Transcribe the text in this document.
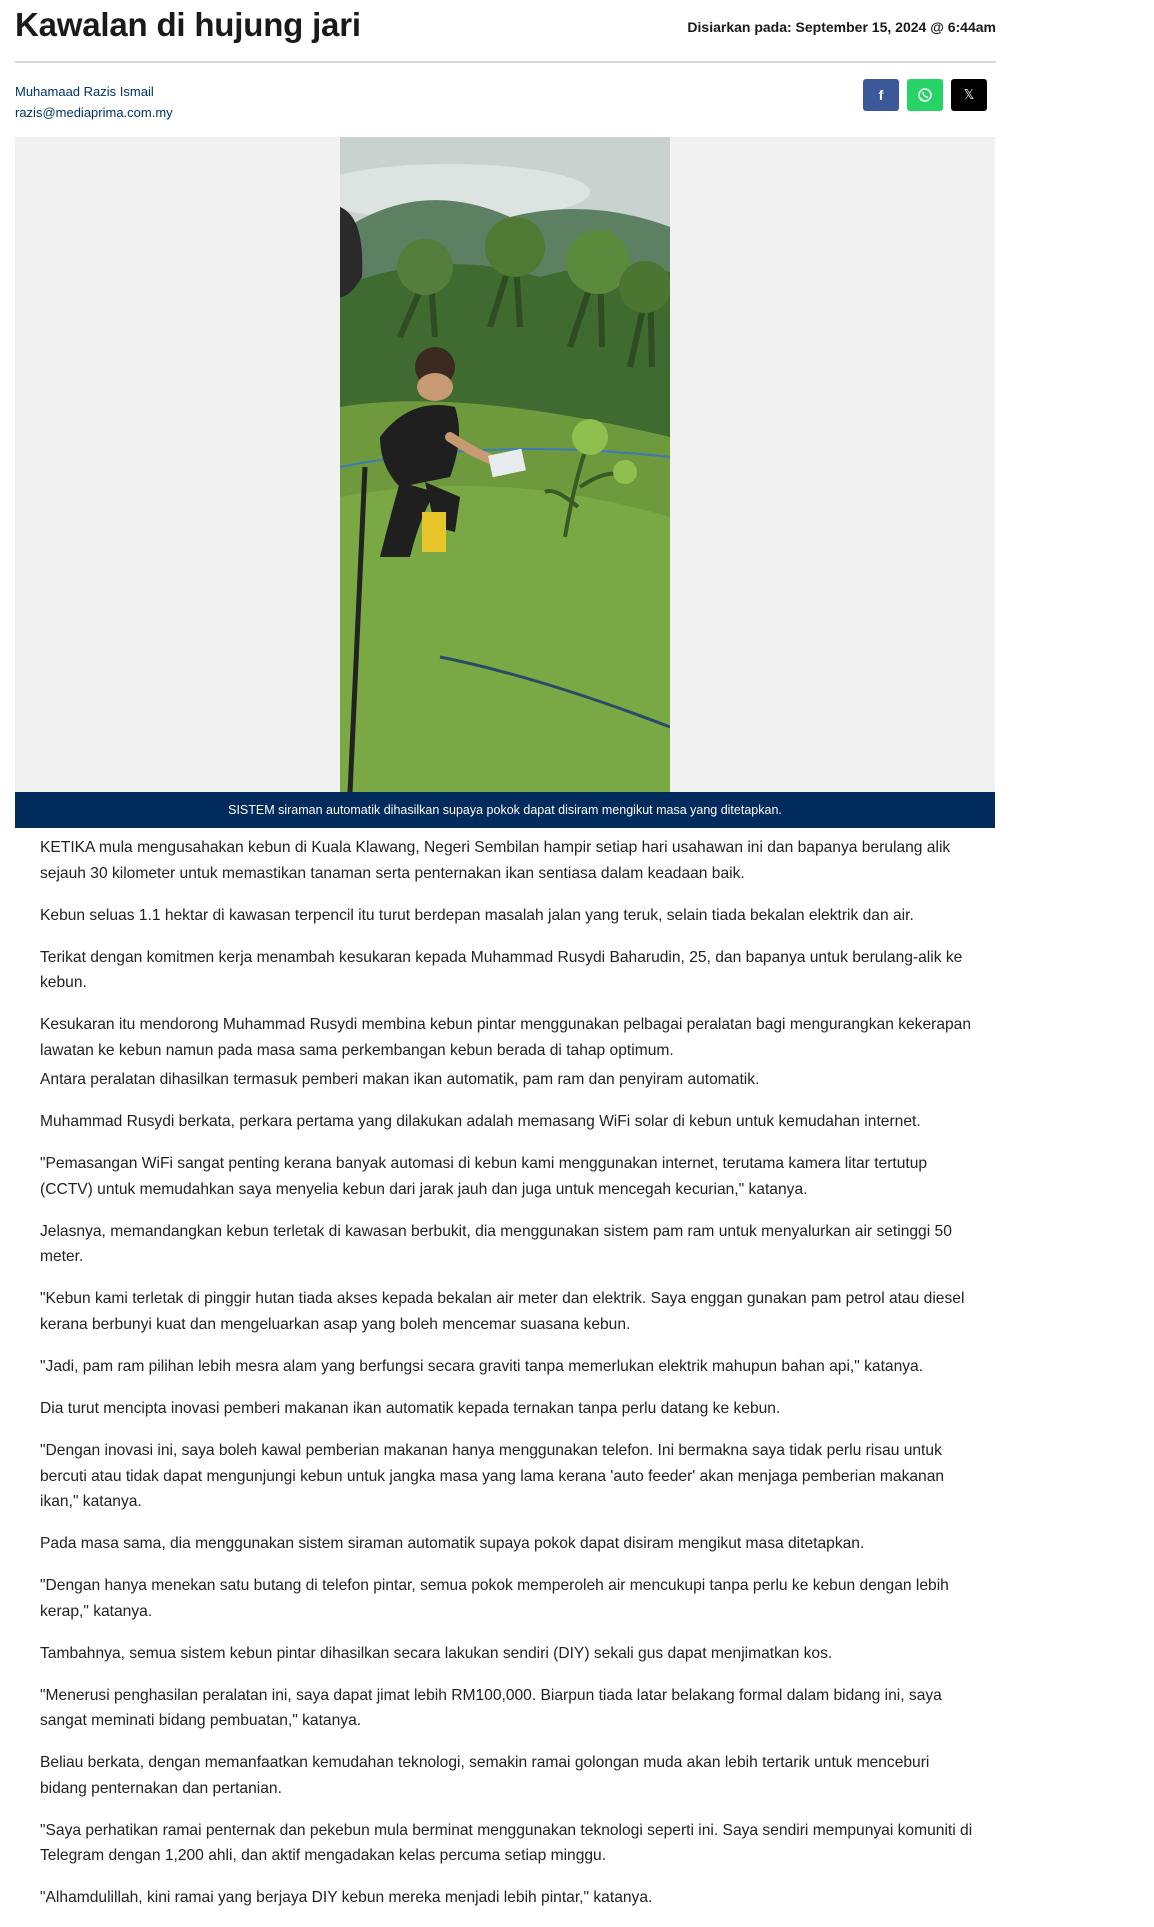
Kawalan di hujung jari	Disiarkan pada: September 15, 2024 @ 6:44am
Muhamaad Razis Ismail
razis@mediaprima.com.my
f	𝕏
SISTEM siraman automatik dihasilkan supaya pokok dapat disiram mengikut masa yang ditetapkan.

KETIKA mula mengusahakan kebun di Kuala Klawang, Negeri Sembilan hampir setiap hari usahawan ini dan bapanya berulang alik sejauh 30 kilometer untuk memastikan tanaman serta penternakan ikan sentiasa dalam keadaan baik.

Kebun seluas 1.1 hektar di kawasan terpencil itu turut berdepan masalah jalan yang teruk, selain tiada bekalan elektrik dan air.

Terikat dengan komitmen kerja menambah kesukaran kepada Muhammad Rusydi Baharudin, 25, dan bapanya untuk berulang-alik ke kebun.

Kesukaran itu mendorong Muhammad Rusydi membina kebun pintar menggunakan pelbagai peralatan bagi mengurangkan kekerapan lawatan ke kebun namun pada masa sama perkembangan kebun berada di tahap optimum.

Antara peralatan dihasilkan termasuk pemberi makan ikan automatik, pam ram dan penyiram automatik.

Muhammad Rusydi berkata, perkara pertama yang dilakukan adalah memasang WiFi solar di kebun untuk kemudahan internet.

"Pemasangan WiFi sangat penting kerana banyak automasi di kebun kami menggunakan internet, terutama kamera litar tertutup (CCTV) untuk memudahkan saya menyelia kebun dari jarak jauh dan juga untuk mencegah kecurian," katanya.

Jelasnya, memandangkan kebun terletak di kawasan berbukit, dia menggunakan sistem pam ram untuk menyalurkan air setinggi 50 meter.

"Kebun kami terletak di pinggir hutan tiada akses kepada bekalan air meter dan elektrik. Saya enggan gunakan pam petrol atau diesel kerana berbunyi kuat dan mengeluarkan asap yang boleh mencemar suasana kebun.

"Jadi, pam ram pilihan lebih mesra alam yang berfungsi secara graviti tanpa memerlukan elektrik mahupun bahan api," katanya.

Dia turut mencipta inovasi pemberi makanan ikan automatik kepada ternakan tanpa perlu datang ke kebun.

"Dengan inovasi ini, saya boleh kawal pemberian makanan hanya menggunakan telefon. Ini bermakna saya tidak perlu risau untuk bercuti atau tidak dapat mengunjungi kebun untuk jangka masa yang lama kerana 'auto feeder' akan menjaga pemberian makanan ikan," katanya.

Pada masa sama, dia menggunakan sistem siraman automatik supaya pokok dapat disiram mengikut masa ditetapkan.

"Dengan hanya menekan satu butang di telefon pintar, semua pokok memperoleh air mencukupi tanpa perlu ke kebun dengan lebih kerap," katanya.

Tambahnya, semua sistem kebun pintar dihasilkan secara lakukan sendiri (DIY) sekali gus dapat menjimatkan kos.

"Menerusi penghasilan peralatan ini, saya dapat jimat lebih RM100,000. Biarpun tiada latar belakang formal dalam bidang ini, saya sangat meminati bidang pembuatan," katanya.

Beliau berkata, dengan memanfaatkan kemudahan teknologi, semakin ramai golongan muda akan lebih tertarik untuk menceburi bidang penternakan dan pertanian.

"Saya perhatikan ramai penternak dan pekebun mula berminat menggunakan teknologi seperti ini. Saya sendiri mempunyai komuniti di Telegram dengan 1,200 ahli, dan aktif mengadakan kelas percuma setiap minggu.

"Alhamdulillah, kini ramai yang berjaya DIY kebun mereka menjadi lebih pintar," katanya.
